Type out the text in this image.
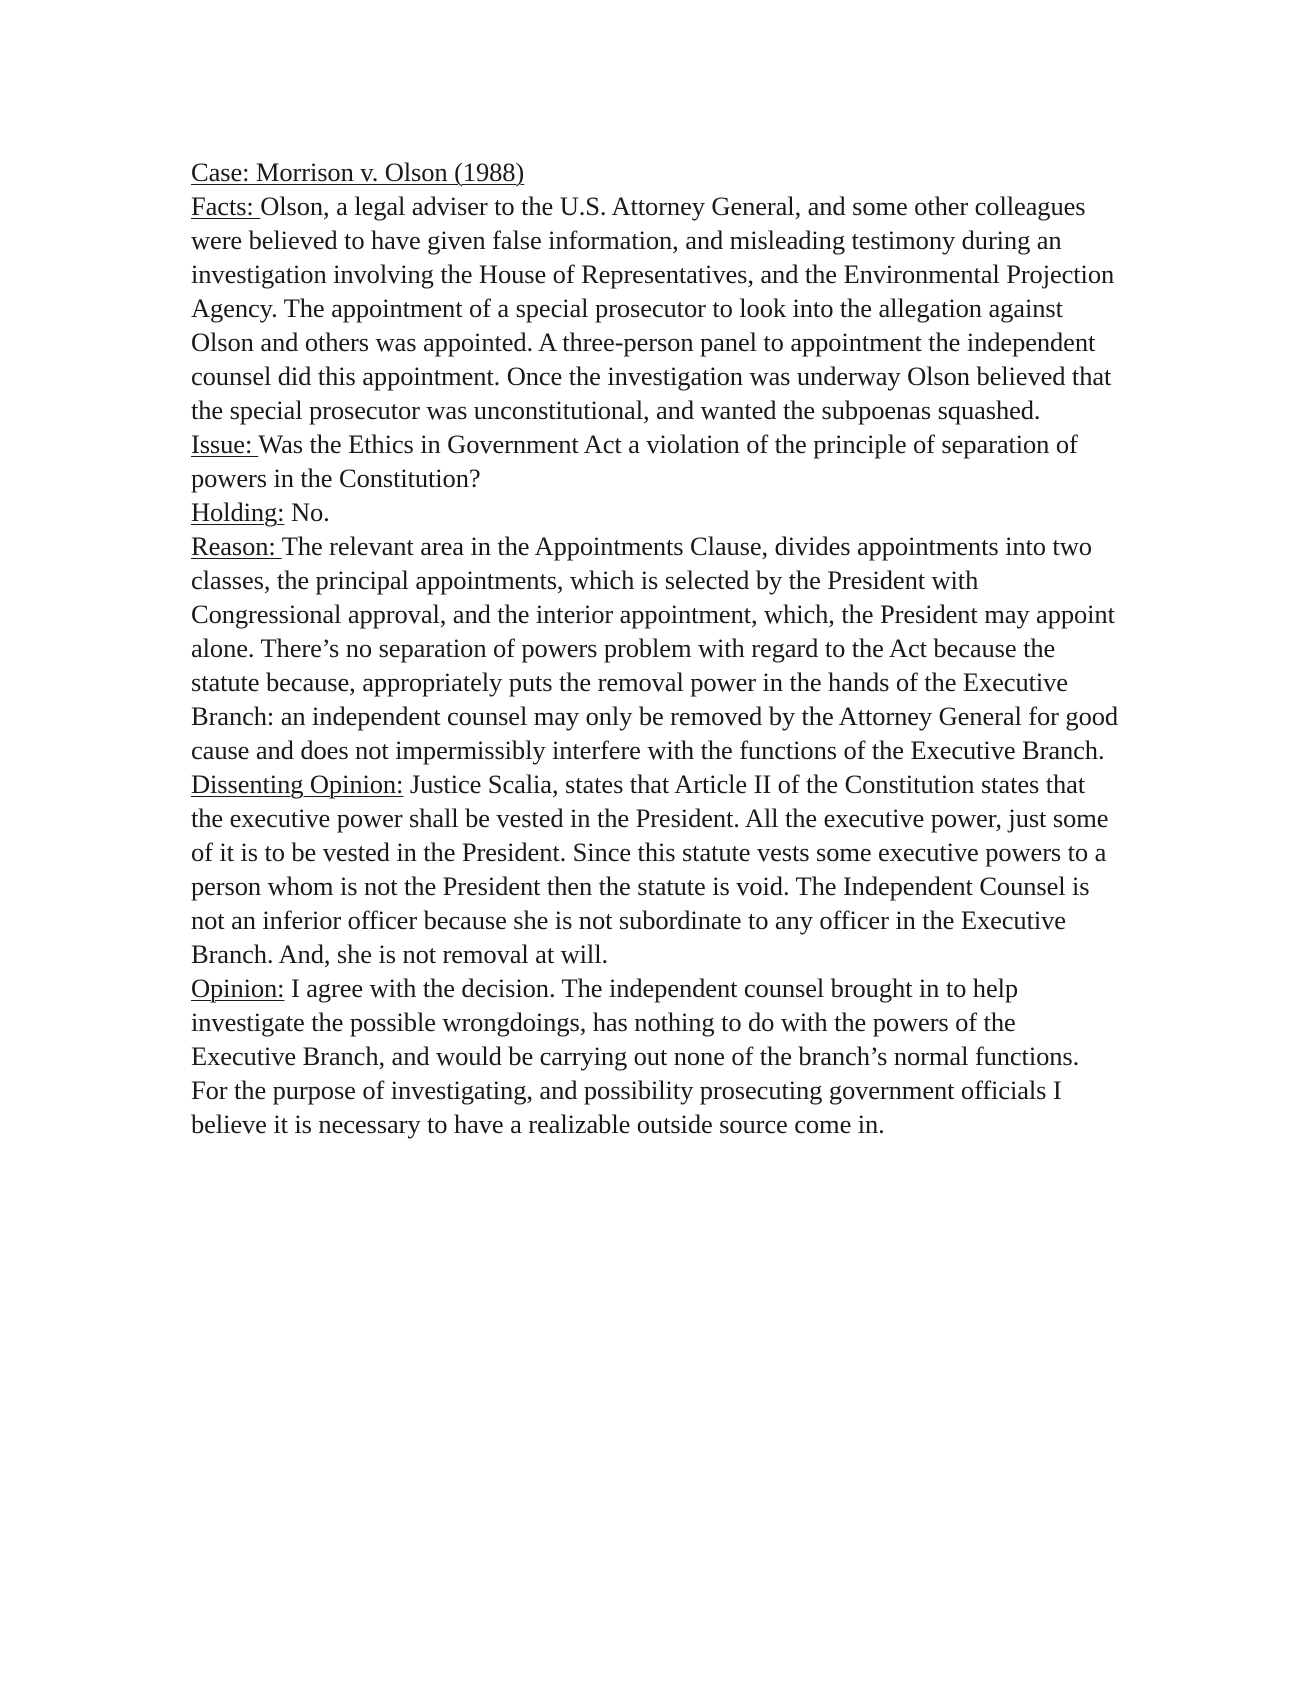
Case: Morrison v. Olson (1988)

Facts: Olson, a legal adviser to the U.S. Attorney General, and some other colleagues were believed to have given false information, and misleading testimony during an investigation involving the House of Representatives, and the Environmental Projection Agency. The appointment of a special prosecutor to look into the allegation against Olson and others was appointed. A three-person panel to appointment the independent counsel did this appointment. Once the investigation was underway Olson believed that the special prosecutor was unconstitutional, and wanted the subpoenas squashed.

Issue: Was the Ethics in Government Act a violation of the principle of separation of powers in the Constitution?

Holding: No.

Reason: The relevant area in the Appointments Clause, divides appointments into two classes, the principal appointments, which is selected by the President with Congressional approval, and the interior appointment, which, the President may appoint alone. There’s no separation of powers problem with regard to the Act because the statute because, appropriately puts the removal power in the hands of the Executive Branch: an independent counsel may only be removed by the Attorney General for good cause and does not impermissibly interfere with the functions of the Executive Branch.

Dissenting Opinion: Justice Scalia, states that Article II of the Constitution states that the executive power shall be vested in the President. All the executive power, just some of it is to be vested in the President. Since this statute vests some executive powers to a person whom is not the President then the statute is void. The Independent Counsel is not an inferior officer because she is not subordinate to any officer in the Executive Branch. And, she is not removal at will.

Opinion: I agree with the decision. The independent counsel brought in to help investigate the possible wrongdoings, has nothing to do with the powers of the Executive Branch, and would be carrying out none of the branch’s normal functions. For the purpose of investigating, and possibility prosecuting government officials I believe it is necessary to have a realizable outside source come in.
